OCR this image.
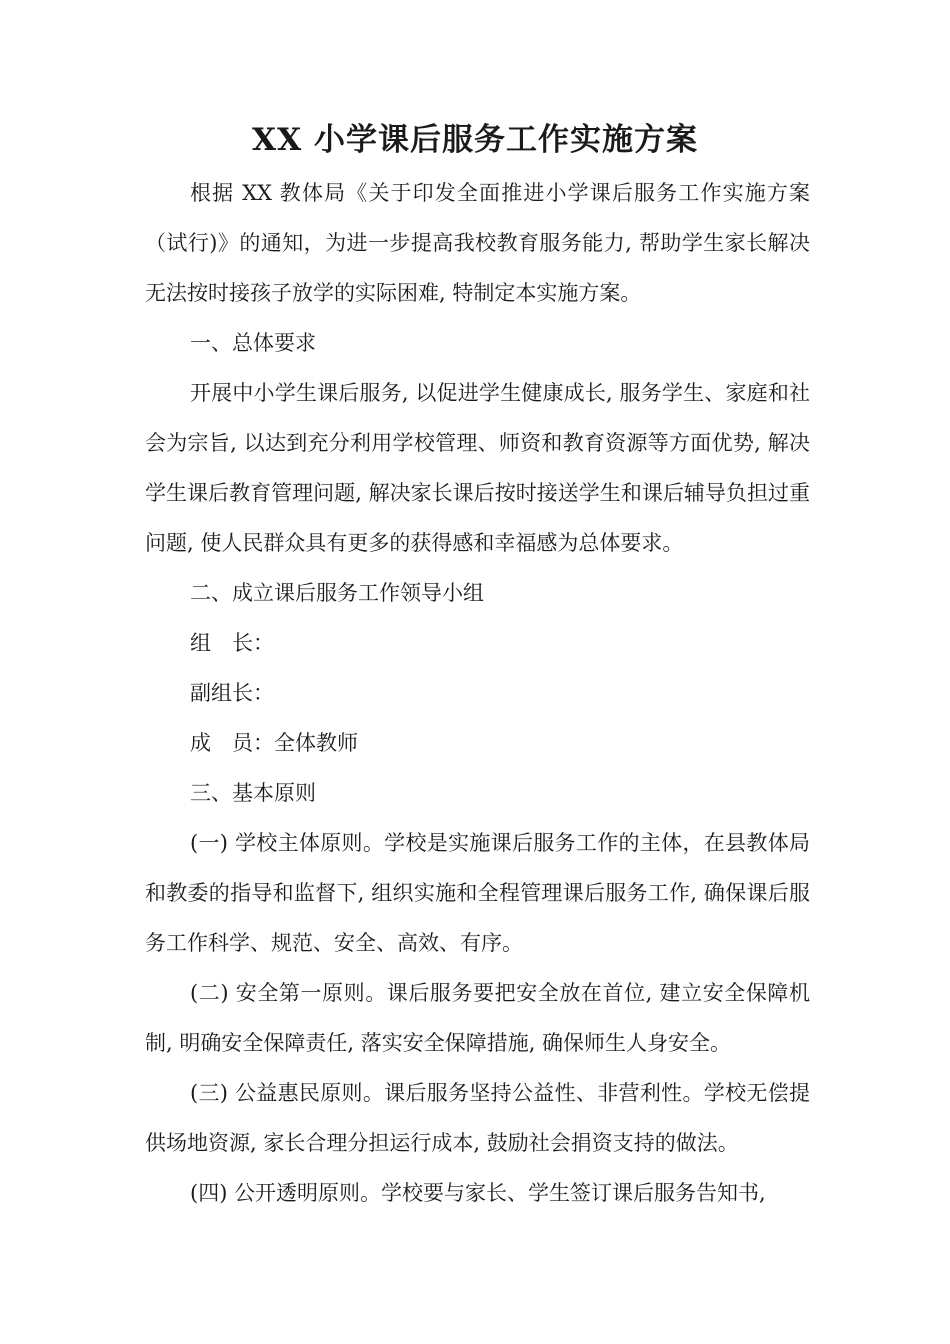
XX 小学课后服务工作实施方案

根据 XX 教体局《关于印发全面推进小学课后服务工作实施方案（试行)》的通知，为进一步提高我校教育服务能力, 帮助学生家长解决无法按时接孩子放学的实际困难, 特制定本实施方案。

一、总体要求

开展中小学生课后服务, 以促进学生健康成长, 服务学生、家庭和社会为宗旨, 以达到充分利用学校管理、师资和教育资源等方面优势, 解决学生课后教育管理问题, 解决家长课后按时接送学生和课后辅导负担过重问题, 使人民群众具有更多的获得感和幸福感为总体要求。

二、成立课后服务工作领导小组

组　长：

副组长：

成　员：全体教师

三、基本原则

(一) 学校主体原则。学校是实施课后服务工作的主体，在县教体局和教委的指导和监督下, 组织实施和全程管理课后服务工作, 确保课后服务工作科学、规范、安全、高效、有序。

(二) 安全第一原则。课后服务要把安全放在首位, 建立安全保障机制, 明确安全保障责任, 落实安全保障措施, 确保师生人身安全。

(三) 公益惠民原则。课后服务坚持公益性、非营利性。学校无偿提供场地资源, 家长合理分担运行成本, 鼓励社会捐资支持的做法。

(四) 公开透明原则。学校要与家长、学生签订课后服务告知书,
